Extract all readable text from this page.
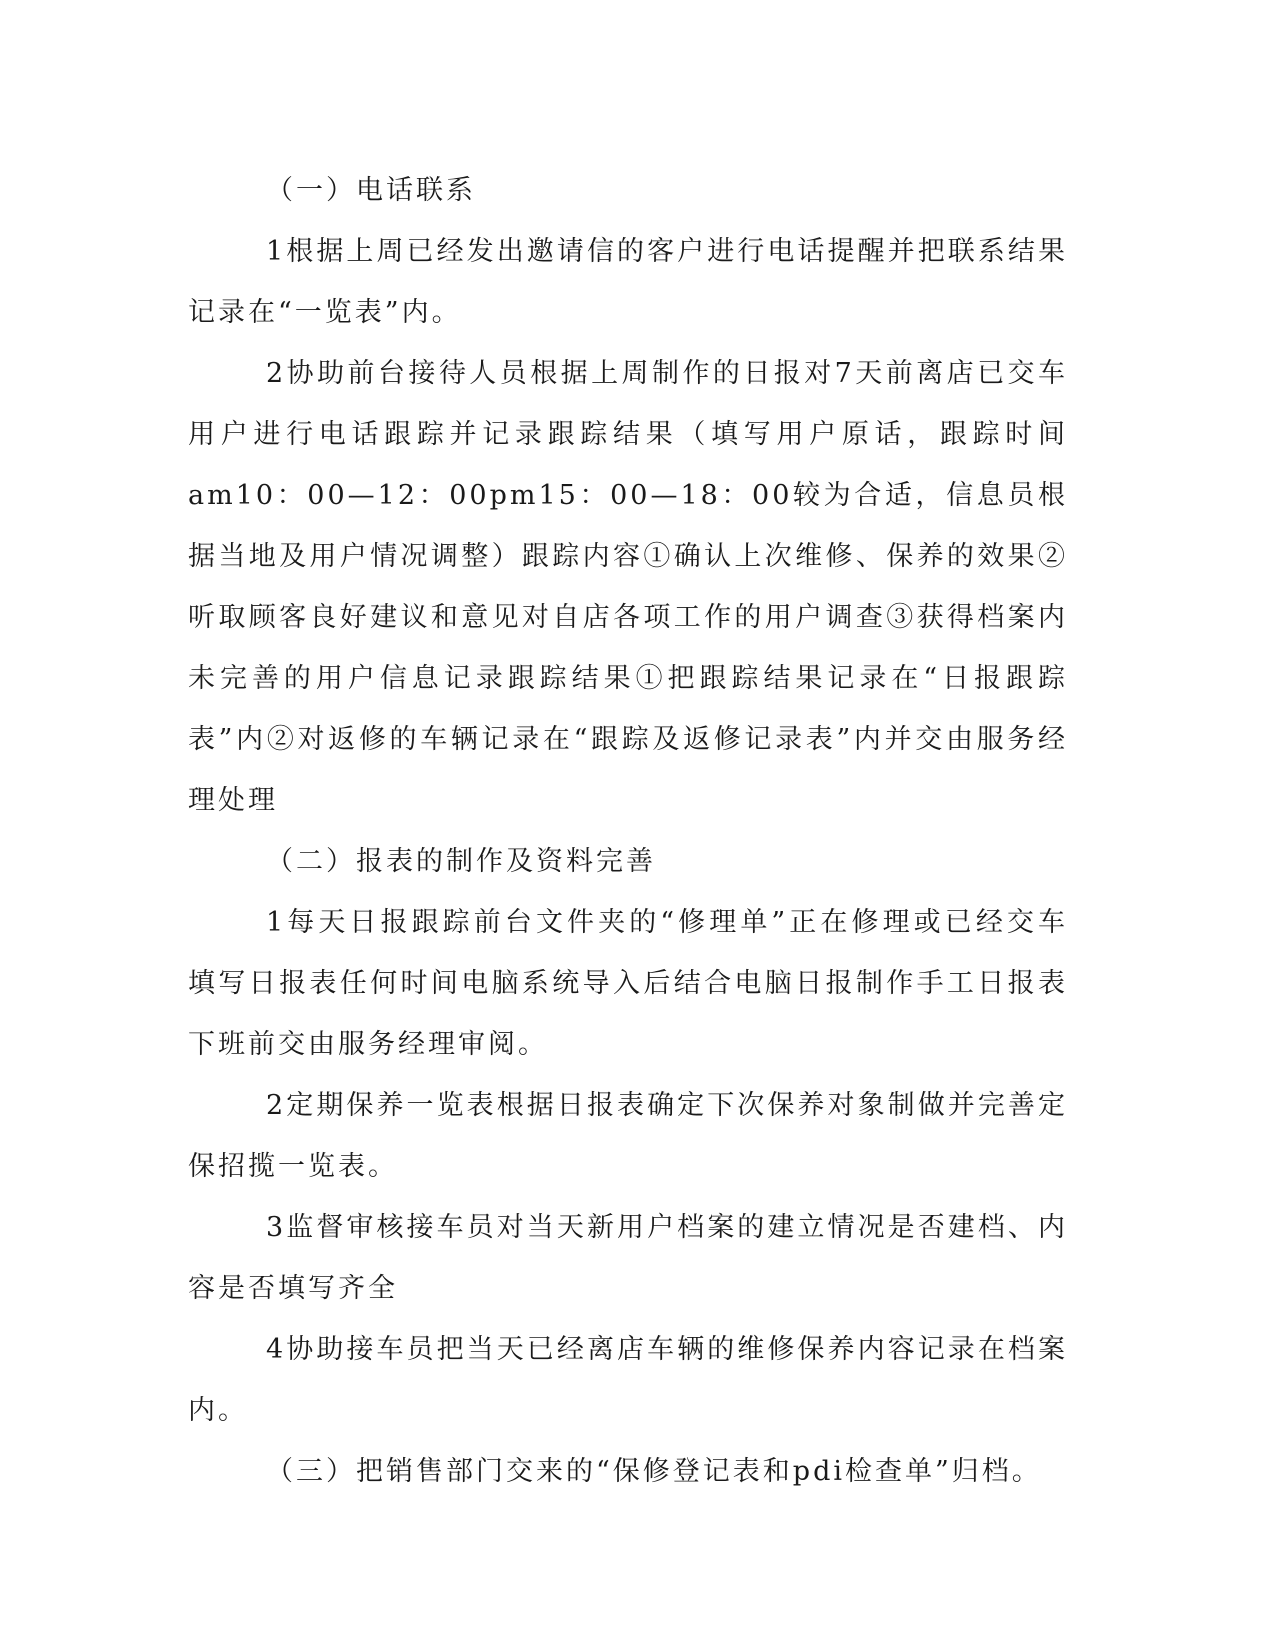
（一）电话联系

1根据上周已经发出邀请信的客户进行电话提醒并把联系结果记录在“一览表”内。

2协助前台接待人员根据上周制作的日报对7天前离店已交车用户进行电话跟踪并记录跟踪结果（填写用户原话，跟踪时间am10：00—12：00pm15：00—18：00较为合适，信息员根据当地及用户情况调整）跟踪内容①确认上次维修、保养的效果②听取顾客良好建议和意见对自店各项工作的用户调查③获得档案内未完善的用户信息记录跟踪结果①把跟踪结果记录在“日报跟踪表”内②对返修的车辆记录在“跟踪及返修记录表”内并交由服务经理处理

（二）报表的制作及资料完善

1每天日报跟踪前台文件夹的“修理单”正在修理或已经交车填写日报表任何时间电脑系统导入后结合电脑日报制作手工日报表下班前交由服务经理审阅。

2定期保养一览表根据日报表确定下次保养对象制做并完善定保招揽一览表。

3监督审核接车员对当天新用户档案的建立情况是否建档、内容是否填写齐全

4协助接车员把当天已经离店车辆的维修保养内容记录在档案内。

（三）把销售部门交来的“保修登记表和pdi检查单”归档。
